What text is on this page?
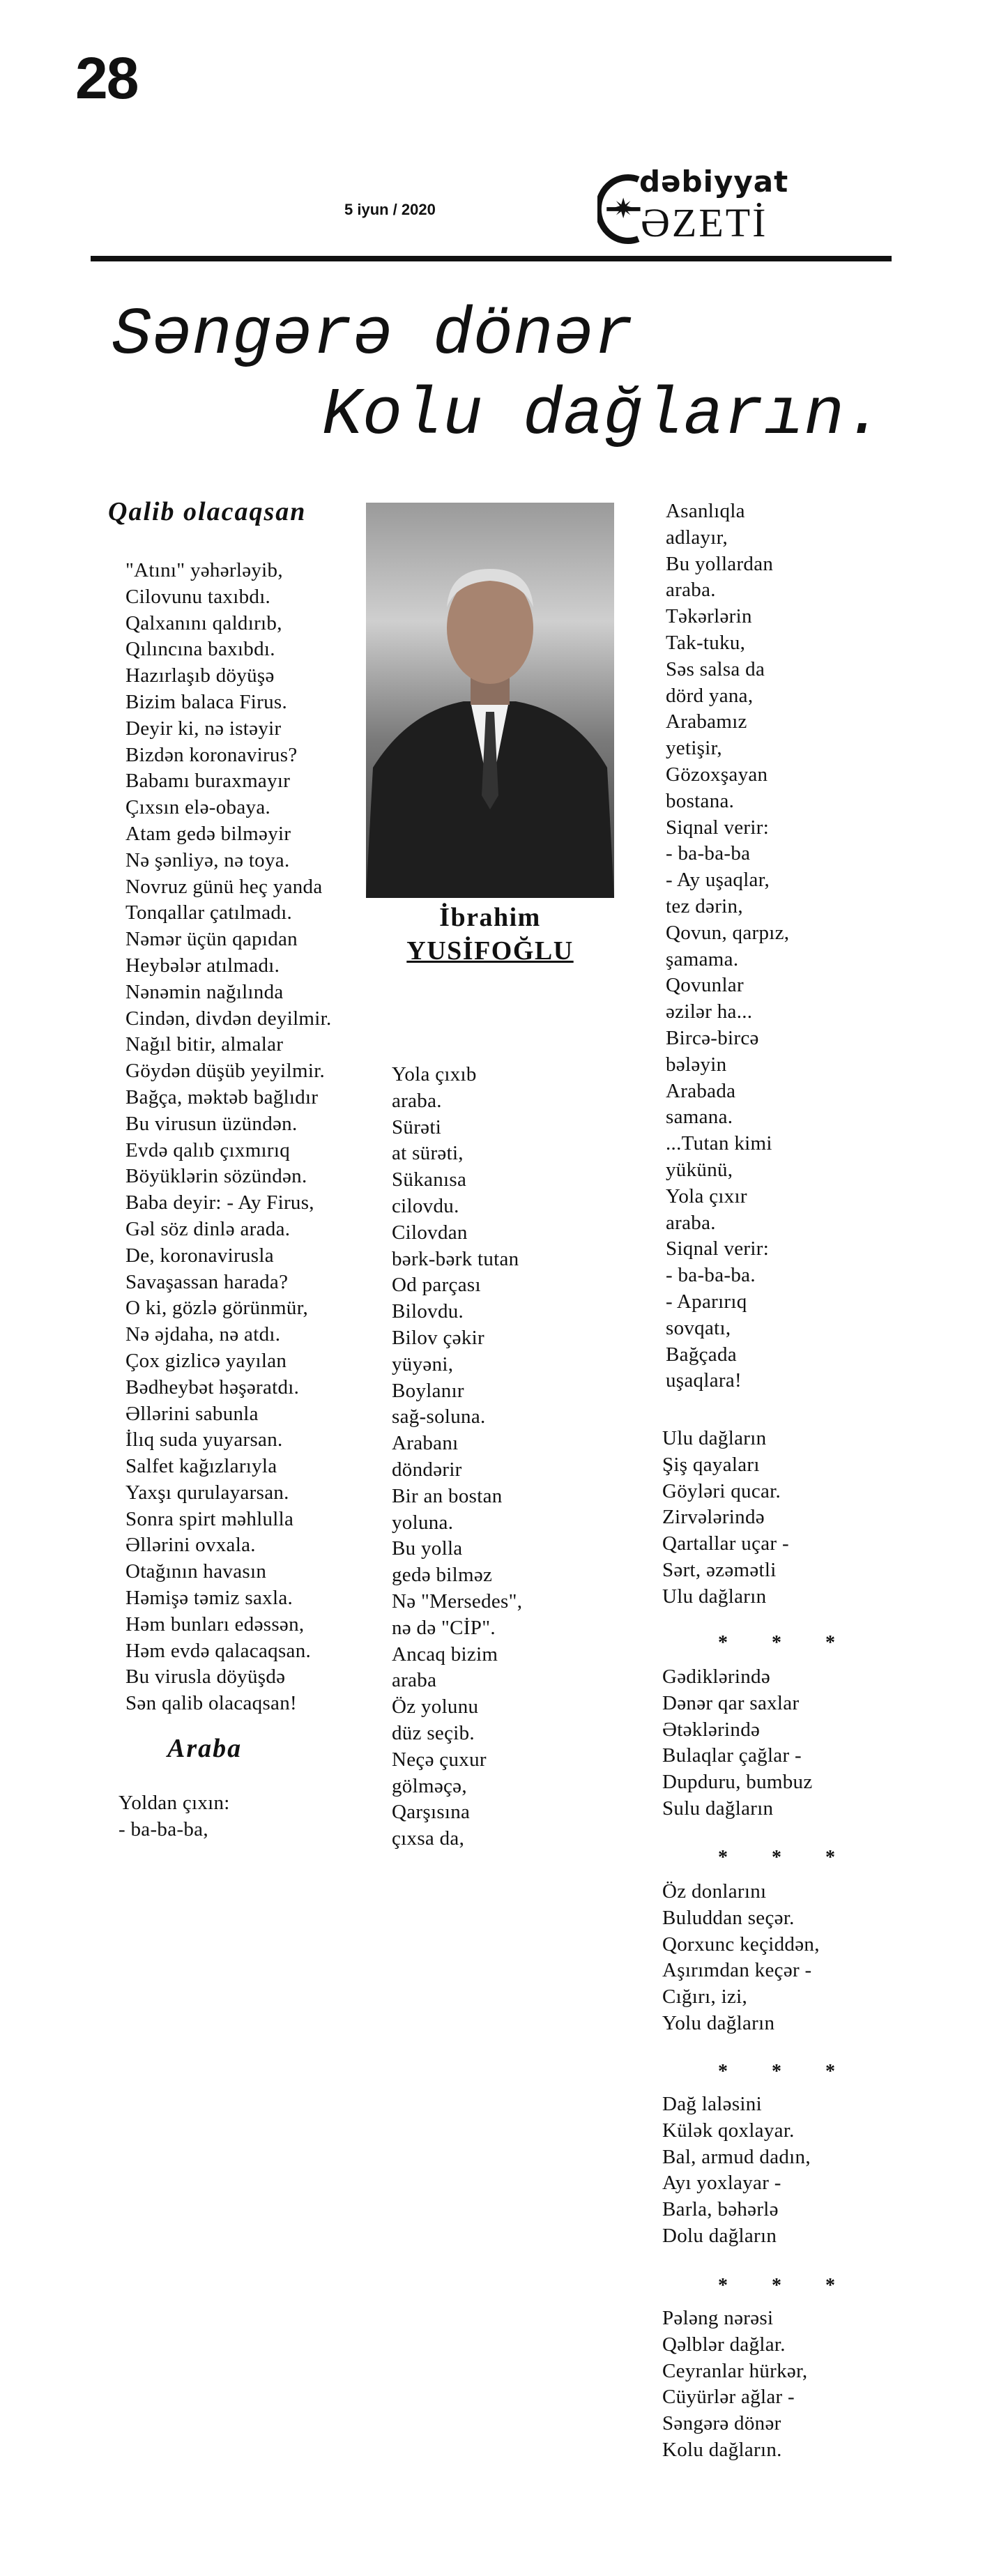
28
5 iyun / 2020
dəbiyyat
ƏZETİ
Səngərə dönər
Kolu dağların.
Qalib olacaqsan
"Atını" yəhərləyib,
Cilovunu taxıbdı.
Qalxanını qaldırıb,
Qılıncına baxıbdı.
Hazırlaşıb döyüşə
Bizim balaca Firus.
Deyir ki, nə istəyir
Bizdən koronavirus?
Babamı buraxmayır
Çıxsın elə-obaya.
Atam gedə bilməyir
Nə şənliyə, nə toya.
Novruz günü heç yanda
Tonqallar çatılmadı.
Nəmər üçün qapıdan
Heybələr atılmadı.
Nənəmin nağılında
Cindən, divdən deyilmir.
Nağıl bitir, almalar
Göydən düşüb yeyilmir.
Bağça, məktəb bağlıdır
Bu virusun üzündən.
Evdə qalıb çıxmırıq
Böyüklərin sözündən.
Baba deyir: - Ay Firus,
Gəl söz dinlə arada.
De, koronavirusla
Savaşassan harada?
O ki, gözlə görünmür,
Nə əjdaha, nə atdı.
Çox gizlicə yayılan
Bədheybət həşəratdı.
Əllərini sabunla
İlıq suda yuyarsan.
Salfet kağızlarıyla
Yaxşı qurulayarsan.
Sonra spirt məhlulla
Əllərini ovxala.
Otağının havasın
Həmişə təmiz saxla.
Həm bunları edəssən,
Həm evdə qalacaqsan.
Bu virusla döyüşdə
Sən qalib olacaqsan!
Araba
Yoldan çıxın:
- ba-ba-ba,
İbrahim
YUSİFOĞLU
Yola çıxıb
araba.
Sürəti
at sürəti,
Sükanısa
cilovdu.
Cilovdan
bərk-bərk tutan
Od parçası
Bilovdu.
Bilov çəkir
yüyəni,
Boylanır
sağ-soluna.
Arabanı
döndərir
Bir an bostan
yoluna.
Bu yolla
gedə bilməz
Nə "Mersedes",
nə də "CİP".
Ancaq bizim
araba
Öz yolunu
düz seçib.
Neçə çuxur
gölməçə,
Qarşısına
çıxsa da,
Asanlıqla
adlayır,
Bu yollardan
araba.
Təkərlərin
Tak-tuku,
Səs salsa da
dörd yana,
Arabamız
yetişir,
Gözoxşayan
bostana.
Siqnal verir:
- ba-ba-ba
- Ay uşaqlar,
tez dərin,
Qovun, qarpız,
şamama.
Qovunlar
əzilər ha...
Bircə-bircə
bələyin
Arabada
samana.
...Tutan kimi
yükünü,
Yola çıxır
araba.
Siqnal verir:
- ba-ba-ba.
- Aparırıq
sovqatı,
Bağçada
uşaqlara!
Ulu dağların
Şiş qayaları
Göyləri qucar.
Zirvələrində
Qartallar uçar -
Sərt, əzəmətli
Ulu dağların
* * *
Gədiklərində
Dənər qar saxlar
Ətəklərində
Bulaqlar çağlar -
Dupduru, bumbuz
Sulu dağların
* * *
Öz donlarını
Buluddan seçər.
Qorxunc keçiddən,
Aşırımdan keçər -
Cığırı, izi,
Yolu dağların
* * *
Dağ laləsini
Külək qoxlayar.
Bal, armud dadın,
Ayı yoxlayar -
Barla, bəhərlə
Dolu dağların
* * *
Pələng nərəsi
Qəlblər dağlar.
Ceyranlar hürkər,
Cüyürlər ağlar -
Səngərə dönər
Kolu dağların.
